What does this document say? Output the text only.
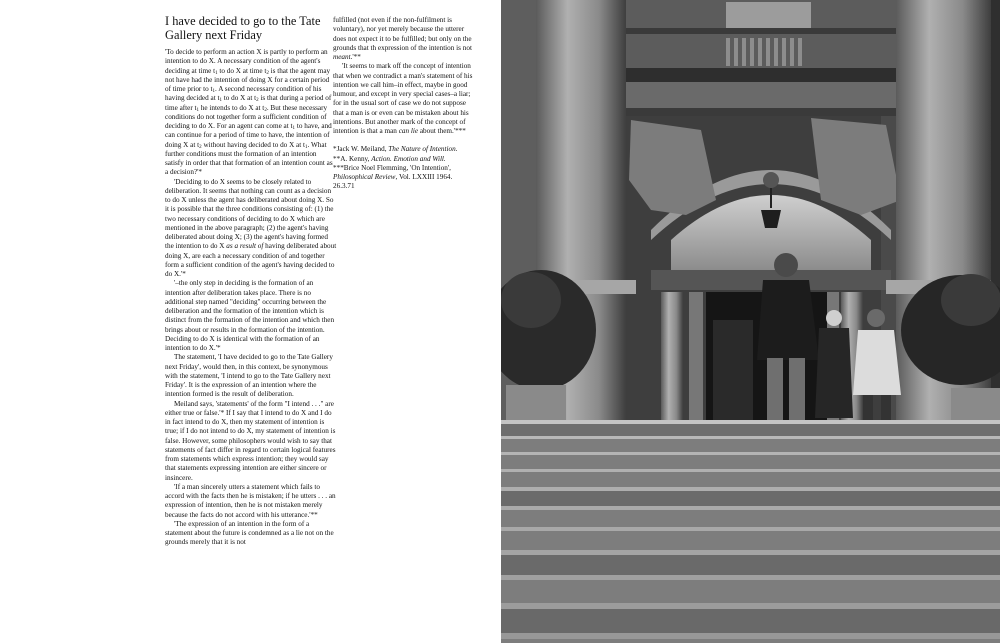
I have decided to go to the Tate Gallery next Friday

'To decide to perform an action X is partly to perform an intention to do X. A necessary condition of the agent's deciding at time $t_1$ to do X at time $t_2$ is that the agent may not have had the intention of doing X for a certain period of time prior to $t_1$. A second necessary condition of his having decided at $t_1$ to do X at $t_2$ is that during a period of time after $t_1$ he intends to do X at $t_2$. But these necessary conditions do not together form a sufficient condition of deciding to do X. For an agent can come at $t_1$ to have, and can continue for a period of time to have, the intention of doing X at $t_2$ without having decided to do X at $t_1$. What further conditions must the formation of an intention satisfy in order that that formation of an intention count as a decision?'*

'Deciding to do X seems to be closely related to deliberation. It seems that nothing can count as a decision to do X unless the agent has deliberated about doing X. So it is possible that the three conditions consisting of: (1) the two necessary conditions of deciding to do X which are mentioned in the above paragraph; (2) the agent's having deliberated about doing X; (3) the agent's having formed the intention to do X as a result of having deliberated about doing X, are each a necessary condition of and together form a sufficient condition of the agent's having decided to do X.'*

'–the only step in deciding is the formation of an intention after deliberation takes place. There is no additional step named "deciding" occurring between the deliberation and the formation of the intention which is distinct from the formation of the intention and which then brings about or results in the formation of the intention. Deciding to do X is identical with the formation of an intention to do X.'*

The statement, 'I have decided to go to the Tate Gallery next Friday', would then, in this context, be synonymous with the statement, 'I intend to go to the Tate Gallery next Friday'. It is the expression of an intention where the intention formed is the result of deliberation.

Meiland says, 'statements' of the form "I intend . . ." are either true or false.'* If I say that I intend to do X and I do in fact intend to do X, then my statement of intention is true; if I do not intend to do X, my statement of intention is false. However, some philosophers would wish to say that statements of fact differ in regard to certain logical features from statements which express intention; they would say that statements expressing intention are either sincere or insincere.

'If a man sincerely utters a statement which fails to accord with the facts then he is mistaken; if he utters . . . an expression of intention, then he is not mistaken merely because the facts do not accord with his utterance.'**

'The expression of an intention in the form of a statement about the future is condemned as a lie not on the grounds merely that it is not

fulfilled (not even if the non-fulfilment is voluntary), nor yet merely because the utterer does not expect it to be fulfilled; but only on the grounds that th expression of the intention is not meant.'**

'It seems to mark off the concept of intention that when we contradict a man's statement of his intention we call him–in effect, maybe in good humour, and except in very special cases–a liar; for in the usual sort of case we do not suppose that a man is or even can be mistaken about his intentions. But another mark of the concept of intention is that a man can lie about them.'***

*Jack W. Meiland, The Nature of Intention.

**A. Kenny, Action. Emotion and Will.

***Brice Noel Flemming, 'On Intention', Philosophical Review, Vol. LXXIII 1964.

26.3.71
